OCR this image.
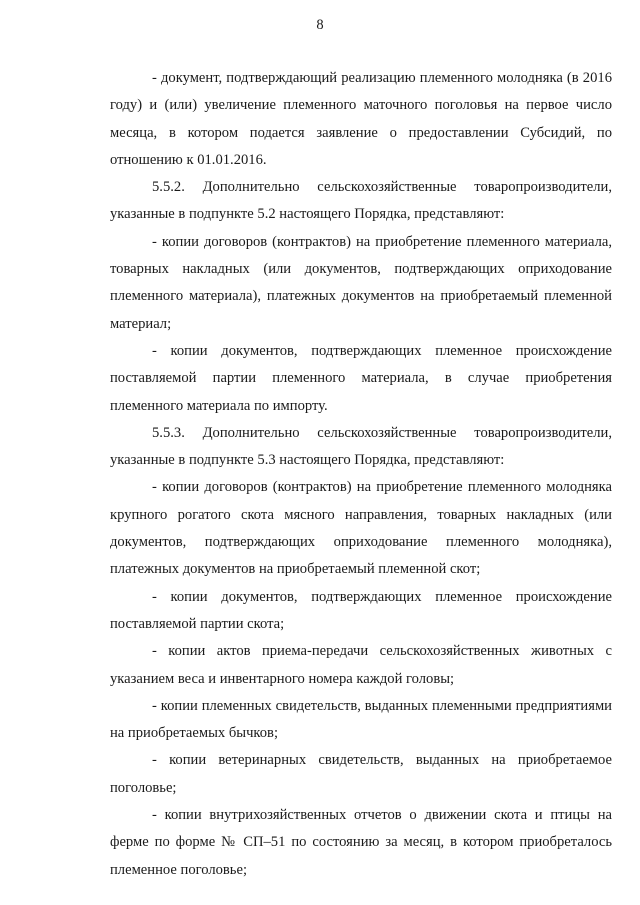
8

- документ, подтверждающий реализацию племенного молодняка (в 2016 году) и (или) увеличение племенного маточного поголовья на первое число месяца, в котором подается заявление о предоставлении Субсидий, по отношению к 01.01.2016.

5.5.2. Дополнительно сельскохозяйственные товаропроизводители, указанные в подпункте 5.2 настоящего Порядка, представляют:

- копии договоров (контрактов) на приобретение племенного материала, товарных накладных (или документов, подтверждающих оприходование племенного материала), платежных документов на приобретаемый племенной материал;

- копии документов, подтверждающих племенное происхождение поставляемой партии племенного материала, в случае приобретения племенного материала по импорту.

5.5.3. Дополнительно сельскохозяйственные товаропроизводители, указанные в подпункте 5.3 настоящего Порядка, представляют:

- копии договоров (контрактов) на приобретение племенного молодняка крупного рогатого скота мясного направления, товарных накладных (или документов, подтверждающих оприходование племенного молодняка), платежных документов на приобретаемый племенной скот;

- копии документов, подтверждающих племенное происхождение поставляемой партии скота;

- копии актов приема-передачи сельскохозяйственных животных с указанием веса и инвентарного номера каждой головы;

- копии племенных свидетельств, выданных племенными предприятиями на приобретаемых бычков;

- копии ветеринарных свидетельств, выданных на приобретаемое поголовье;

- копии внутрихозяйственных отчетов о движении скота и птицы на ферме по форме № СП–51 по состоянию за месяц, в котором приобреталось племенное поголовье;
